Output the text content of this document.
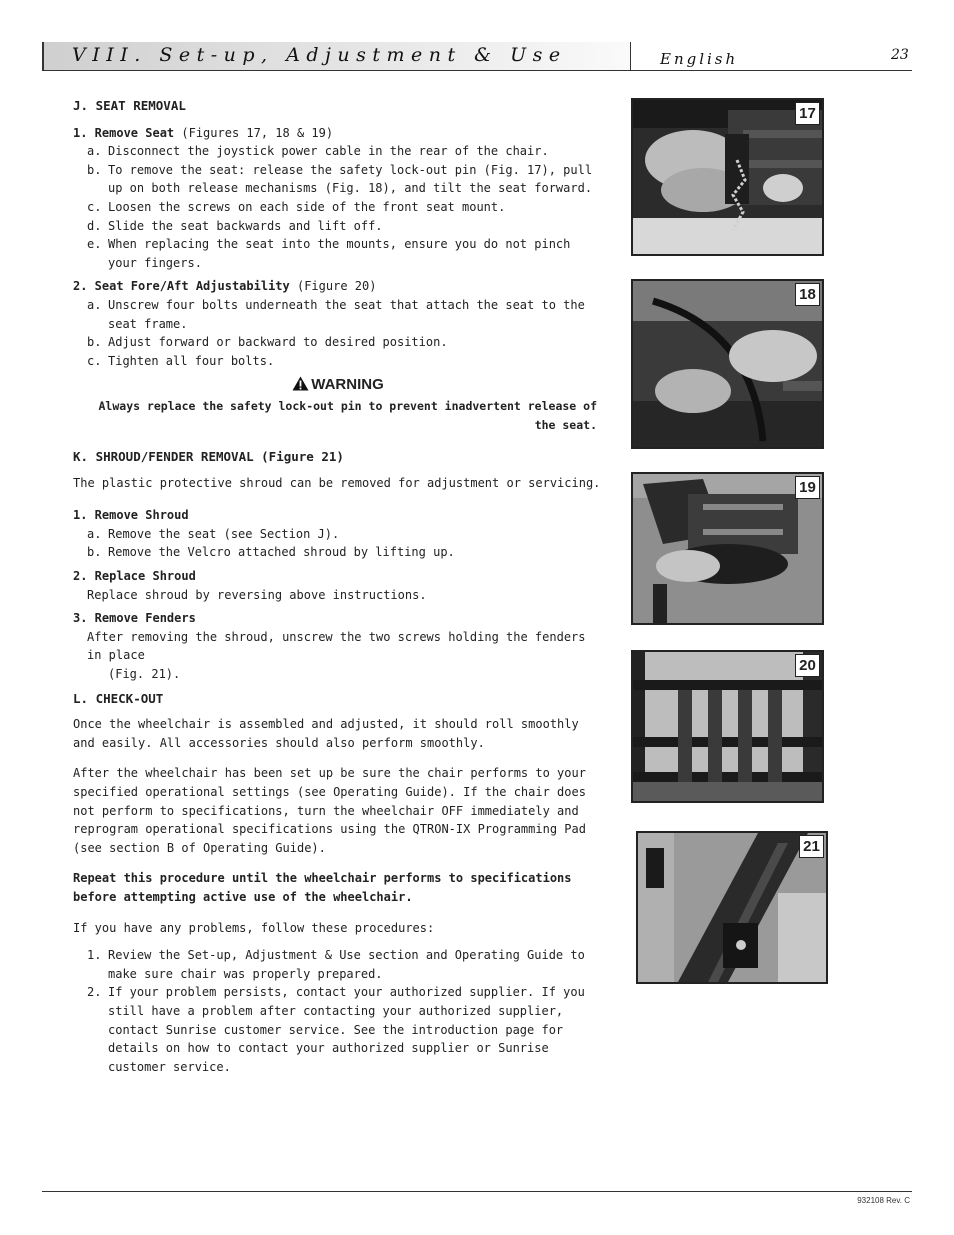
VIII. Set-up, Adjustment & Use	English	23

J. SEAT REMOVAL

1. Remove Seat (Figures 17, 18 & 19)

a. Disconnect the joystick power cable in the rear of the chair.
b. To remove the seat: release the safety lock-out pin (Fig. 17), pull up on both release mechanisms (Fig. 18), and tilt the seat forward.
c. Loosen the screws on each side of the front seat mount.
d. Slide the seat backwards and lift off.
e. When replacing the seat into the mounts, ensure you do not pinch your fingers.

2. Seat Fore/Aft Adjustability (Figure 20)

a. Unscrew four bolts underneath the seat that attach the seat to the seat frame.
b. Adjust forward or backward to desired position.
c. Tighten all four bolts.
WARNING

Always replace the safety lock-out pin to prevent inadvertent release of the seat.

K. SHROUD/FENDER REMOVAL (Figure 21)

The plastic protective shroud can be removed for adjustment or servicing.

1. Remove Shroud

a. Remove the seat (see Section J).
b. Remove the Velcro attached shroud by lifting up.

2. Replace Shroud

Replace shroud by reversing above instructions.

3. Remove Fenders

After removing the shroud, unscrew the two screws holding the fenders in place

(Fig. 21).

L. CHECK-OUT

Once the wheelchair is assembled and adjusted, it should roll smoothly and easily. All accessories should also perform smoothly.

After the wheelchair has been set up be sure the chair performs to your specified operational settings (see Operating Guide). If the chair does not perform to specifications, turn the wheelchair OFF immediately and reprogram operational specifications using the QTRON-IX Programming Pad (see section B of Operating Guide).

Repeat this procedure until the wheelchair performs to specifications before attempting active use of the wheelchair.

If you have any problems, follow these procedures:

1. Review the Set-up, Adjustment & Use section and Operating Guide to make sure chair was properly prepared.
2. If your problem persists, contact your authorized supplier. If you still have a problem after contacting your authorized supplier, contact Sunrise customer service. See the introduction page for details on how to contact your authorized supplier or Sunrise customer service.
17
18
19
20
21
932108 Rev. C
